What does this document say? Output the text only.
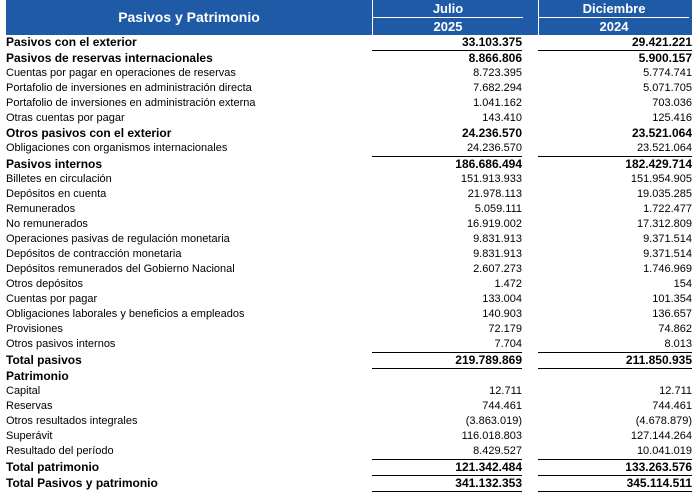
Pasivos y Patrimonio
Julio
2025
Diciembre
2024
Pasivos con el exterior	33.103.375		29.421.221
Pasivos de reservas internacionales	8.866.806		5.900.157
Cuentas por pagar en operaciones de reservas	8.723.395		5.774.741
Portafolio de inversiones en administración directa	7.682.294		5.071.705
Portafolio de inversiones en administración externa	1.041.162		703.036
Otras cuentas por pagar	143.410		125.416
Otros pasivos con el exterior	24.236.570		23.521.064
Obligaciones con organismos internacionales	24.236.570		23.521.064
Pasivos internos	186.686.494		182.429.714
Billetes en circulación	151.913.933		151.954.905
Depósitos en cuenta	21.978.113		19.035.285
Remunerados	5.059.111		1.722.477
No remunerados	16.919.002		17.312.809
Operaciones pasivas de regulación monetaria	9.831.913		9.371.514
Depósitos de contracción monetaria	9.831.913		9.371.514
Depósitos remunerados del Gobierno Nacional	2.607.273		1.746.969
Otros depósitos	1.472		154
Cuentas por pagar	133.004		101.354
Obligaciones laborales y beneficios a empleados	140.903		136.657
Provisiones	72.179		74.862
Otros pasivos internos	7.704		8.013
Total pasivos	219.789.869		211.850.935
Patrimonio			
Capital	12.711		12.711
Reservas	744.461		744.461
Otros resultados integrales	(3.863.019)		(4.678.879)
Superávit	116.018.803		127.144.264
Resultado del período	8.429.527		10.041.019
Total patrimonio	121.342.484		133.263.576
Total Pasivos y patrimonio	341.132.353		345.114.511
